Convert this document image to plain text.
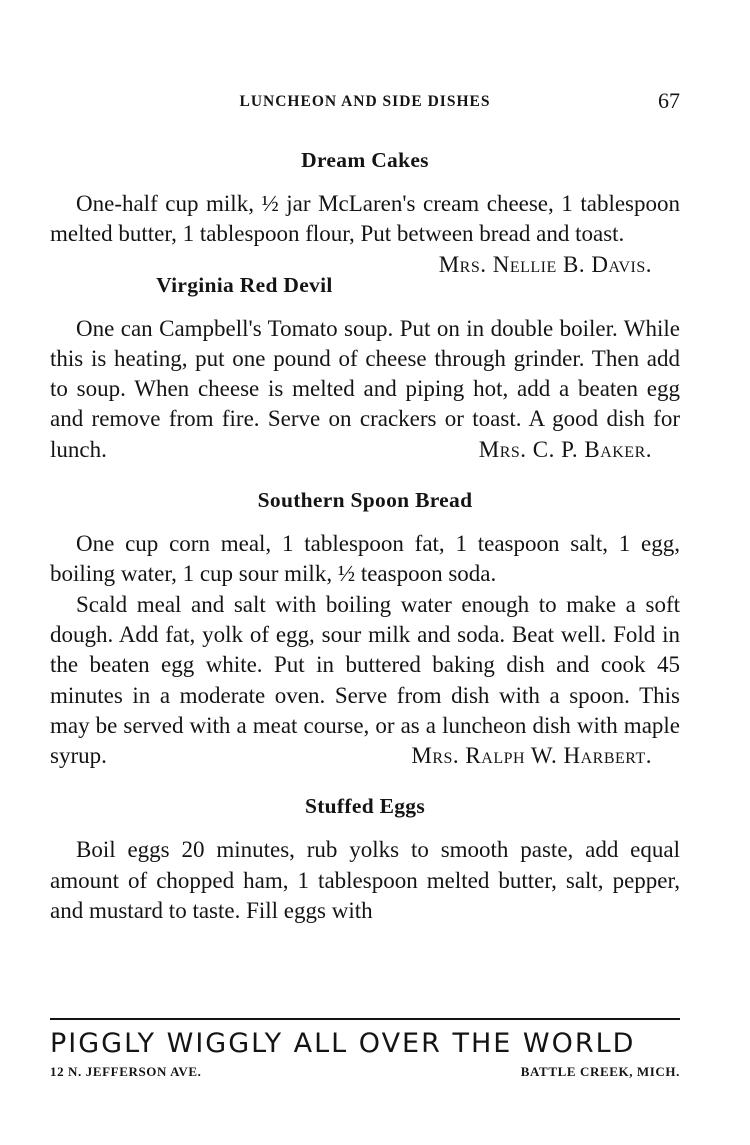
LUNCHEON AND SIDE DISHES	67
Dream Cakes

One-half cup milk, ½ jar McLaren's cream cheese, 1 tablespoon melted butter, 1 tablespoon flour, Put between bread and toast.
Mrs. Nellie B. Davis.

Virginia Red Devil

One can Campbell's Tomato soup. Put on in double boiler. While this is heating, put one pound of cheese through grinder. Then add to soup. When cheese is melted and piping hot, add a beaten egg and remove from fire. Serve on crackers or toast. A good dish for lunch.	Mrs. C. P. Baker.

Southern Spoon Bread

One cup corn meal, 1 tablespoon fat, 1 teaspoon salt, 1 egg, boiling water, 1 cup sour milk, ½ teaspoon soda.

Scald meal and salt with boiling water enough to make a soft dough. Add fat, yolk of egg, sour milk and soda. Beat well. Fold in the beaten egg white. Put in buttered baking dish and cook 45 minutes in a moderate oven. Serve from dish with a spoon. This may be served with a meat course, or as a luncheon dish with maple syrup.	Mrs. Ralph W. Harbert.

Stuffed Eggs

Boil eggs 20 minutes, rub yolks to smooth paste, add equal amount of chopped ham, 1 tablespoon melted butter, salt, pepper, and mustard to taste. Fill eggs with

PIGGLY WIGGLY ALL OVER THE WORLD
12 N. JEFFERSON AVE.	BATTLE CREEK, MICH.
